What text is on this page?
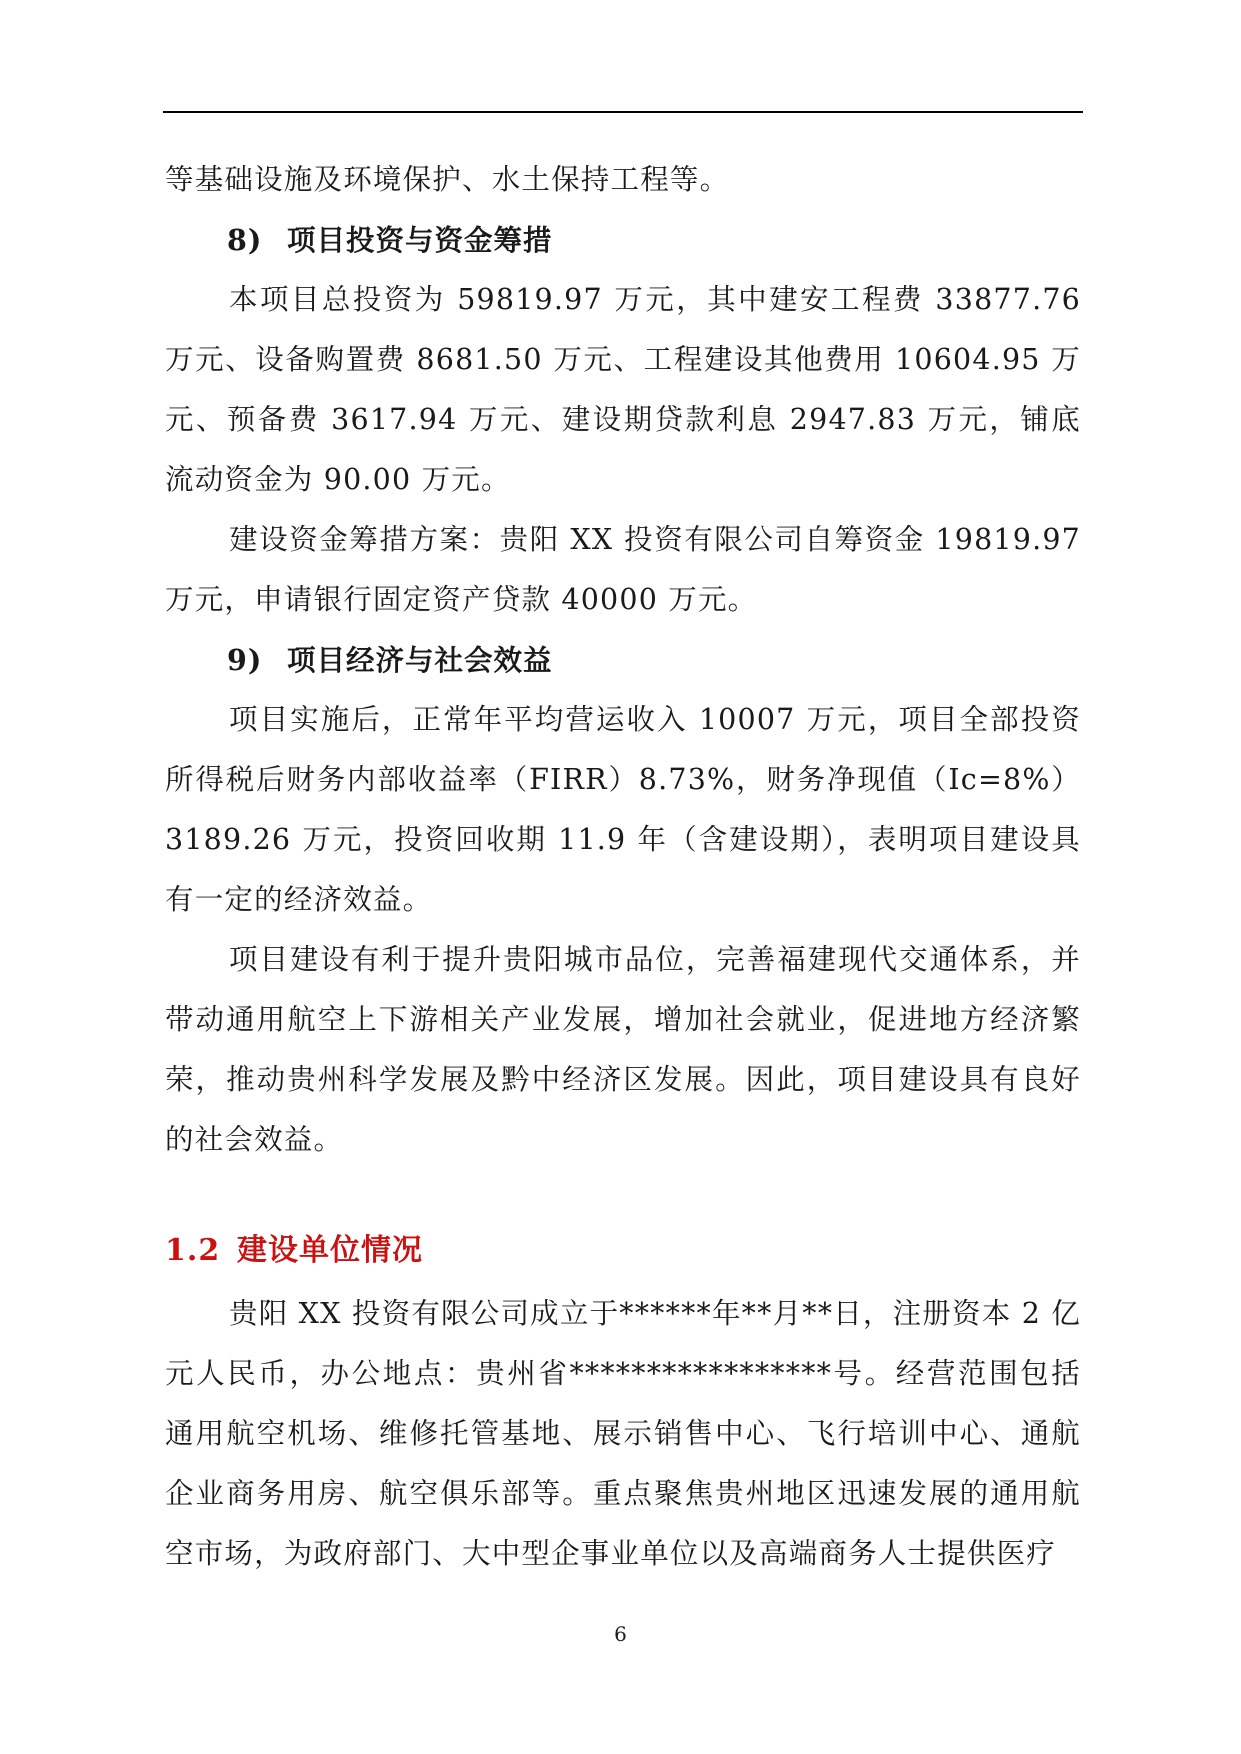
等基础设施及环境保护、水土保持工程等。

8) 项目投资与资金筹措

本项目总投资为 59819.97 万元，其中建安工程费 33877.76 万元、设备购置费 8681.50 万元、工程建设其他费用 10604.95 万元、预备费 3617.94 万元、建设期贷款利息 2947.83 万元，铺底流动资金为 90.00 万元。

建设资金筹措方案：贵阳 XX 投资有限公司自筹资金 19819.97 万元，申请银行固定资产贷款 40000 万元。

9) 项目经济与社会效益

项目实施后，正常年平均营运收入 10007 万元，项目全部投资所得税后财务内部收益率（FIRR）8.73%，财务净现值（Ic=8%）3189.26 万元，投资回收期 11.9 年（含建设期），表明项目建设具有一定的经济效益。

项目建设有利于提升贵阳城市品位，完善福建现代交通体系，并带动通用航空上下游相关产业发展，增加社会就业，促进地方经济繁荣，推动贵州科学发展及黔中经济区发展。因此，项目建设具有良好的社会效益。

1.2 建设单位情况

贵阳 XX 投资有限公司成立于******年**月**日，注册资本 2 亿元人民币，办公地点：贵州省*****************号。经营范围包括通用航空机场、维修托管基地、展示销售中心、飞行培训中心、通航企业商务用房、航空俱乐部等。重点聚焦贵州地区迅速发展的通用航空市场，为政府部门、大中型企事业单位以及高端商务人士提供医疗

6
